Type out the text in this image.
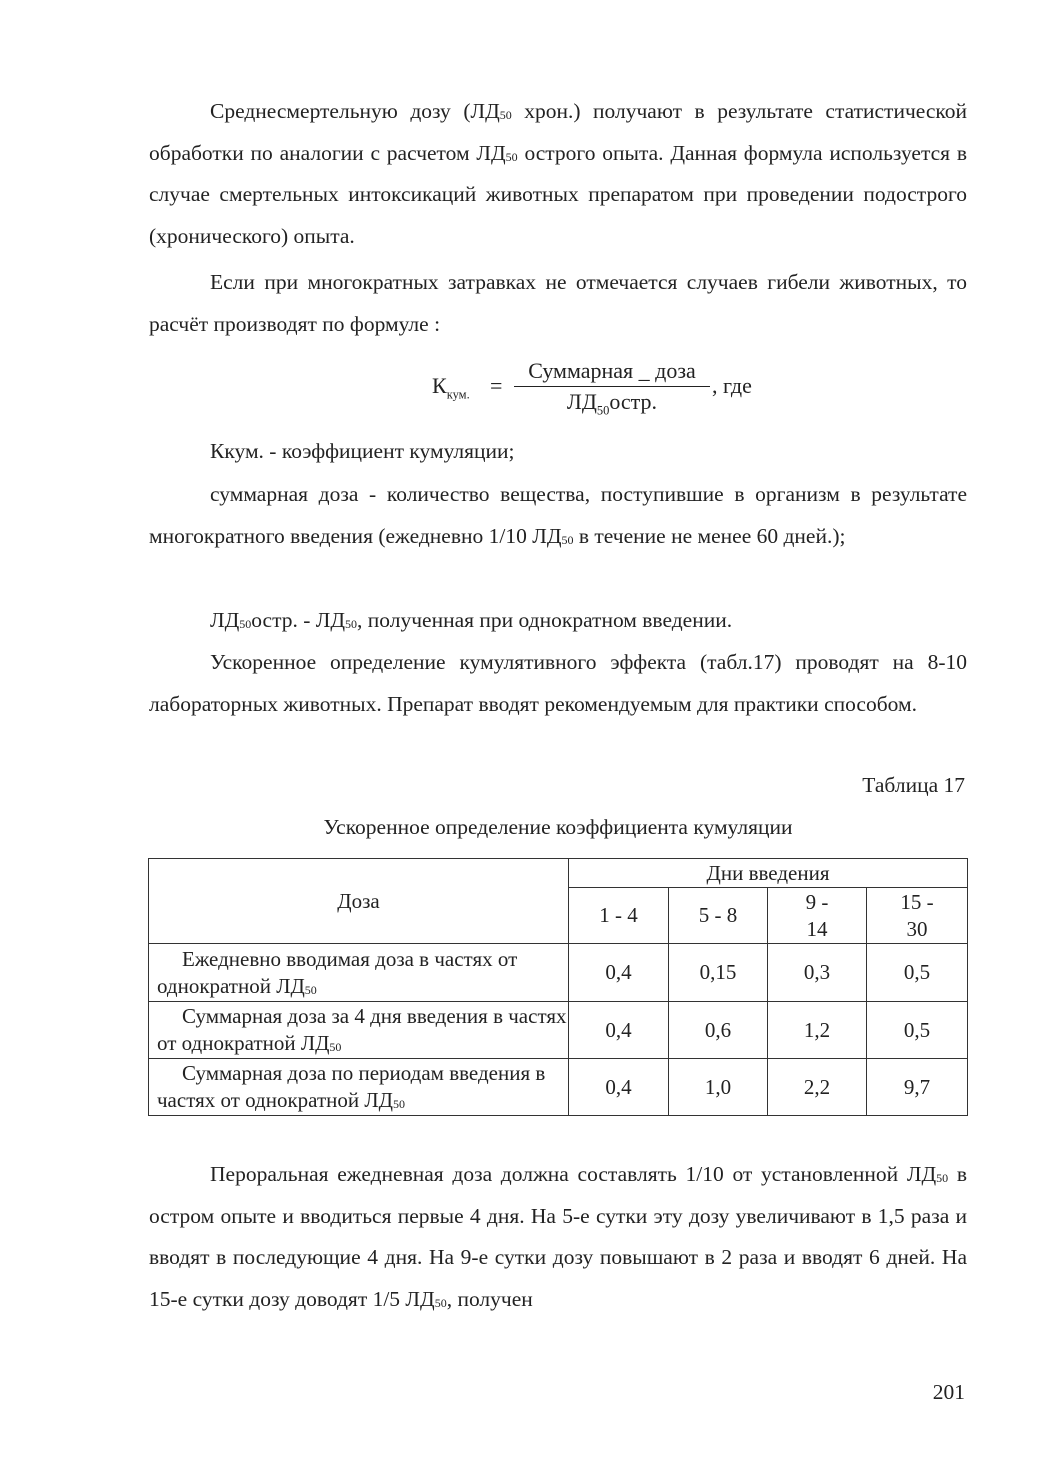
Среднесмертельную дозу ($ЛД_{50}$ хрон.) получают в результате статистической обработки по аналогии с расчетом $ЛД_{50}$ острого опыта. Данная формула используется в случае смертельных интоксикаций животных препаратом при проведении подострого (хронического) опыта.
Если при многократных затравках не отмечается случаев гибели животных, то расчёт производят по формуле :
$К_{кум.}$ =
Суммарная _ доза
$ЛД_{50}остр$.
, где
Ккум. - коэффициент кумуляции;
суммарная доза - количество вещества, поступившие в организм в результате многократного введения (ежедневно 1/10 $ЛД_{50}$ в течение не менее 60 дней.);
$ЛД_{50}остр$. - $ЛД_{50}$, полученная при однократном введении.
Ускоренное определение кумулятивного эффекта (табл.17) проводят на 8-10 лабораторных животных. Препарат вводят рекомендуемым для практики способом.
Таблица 17
Ускоренное определение коэффициента кумуляции
Доза	Дни введения			
	1 - 4	5 - 8	9 - 14	15 - 30
Ежедневно вводимая доза в частях от однократной $ЛД_{50}$	0,4	0,15	0,3	0,5
Суммарная доза за 4 дня введения в частях от однократной $ЛД_{50}$	0,4	0,6	1,2	0,5
Суммарная доза по периодам введения в частях от однократной $ЛД_{50}$	0,4	1,0	2,2	9,7
Пероральная ежедневная доза должна составлять 1/10 от установленной $ЛД_{50}$ в остром опыте и вводиться первые 4 дня. На 5-е сутки эту дозу увеличивают в 1,5 раза и вводят в последующие 4 дня. На 9-е сутки дозу повышают в 2 раза и вводят 6 дней. На 15-е сутки дозу доводят 1/5 $ЛД_{50}$, получен
201
